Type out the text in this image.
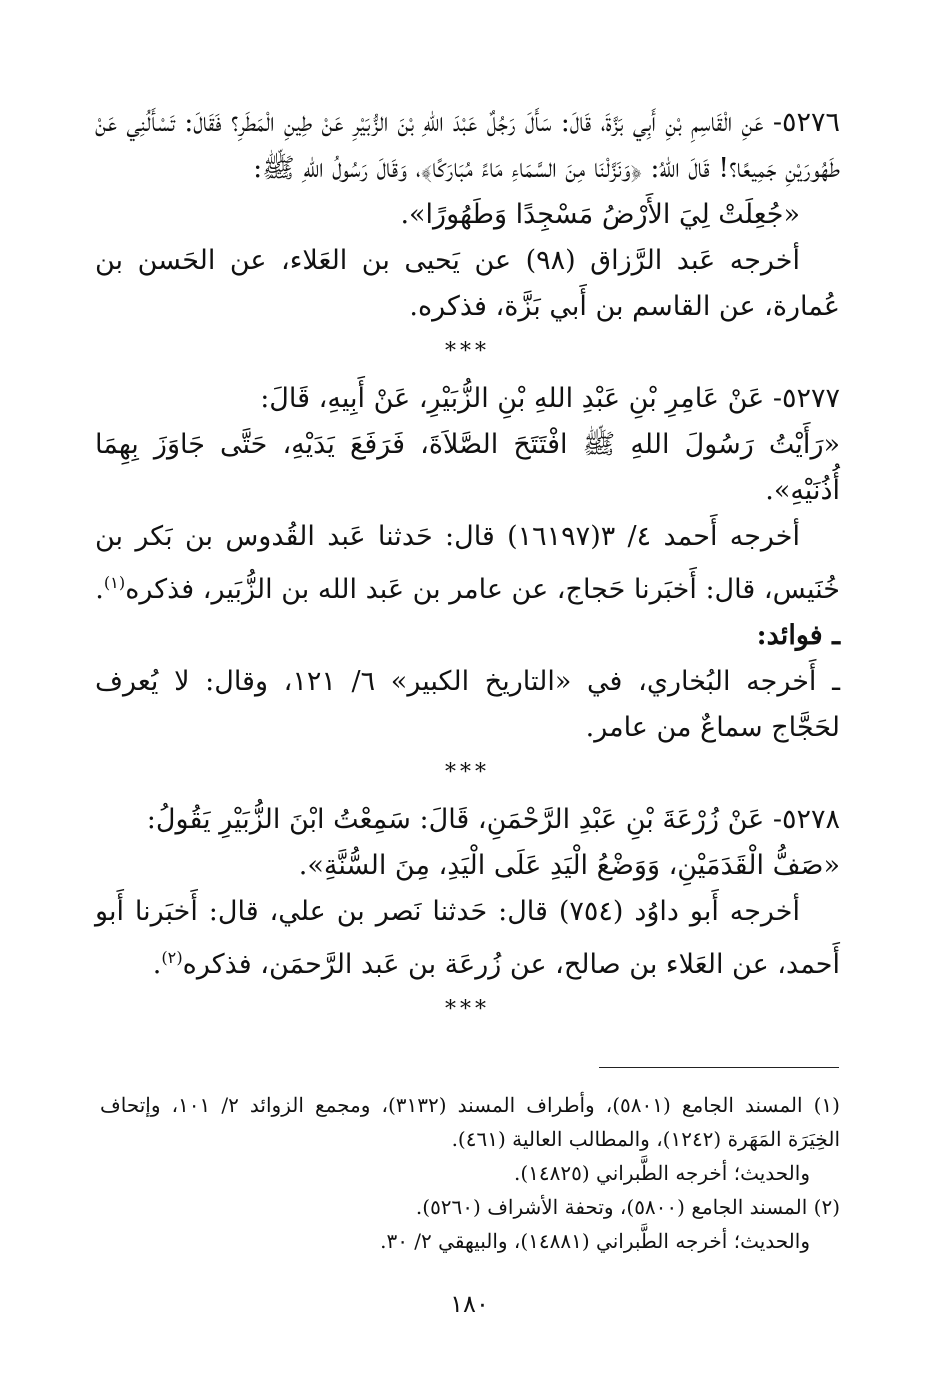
٥٢٧٦- عَنِ الْقَاسِمِ بْنِ أَبِي بَزَّةَ، قَالَ: سَأَلَ رَجُلٌ عَبْدَ اللهِ بْنَ الزُّبَيْرِ عَنْ طِينِ الْمَطَرِ؟ فَقَالَ: تَسْأَلُنِي عَنْ طَهُورَيْنِ جَمِيعًا؟! قَالَ اللهُ: ﴿وَنَزَّلْنَا مِنَ السَّمَاءِ مَاءً مُبَارَكًا﴾، وَقَالَ رَسُولُ اللهِ ﷺ:

«جُعِلَتْ لِيَ الأَرْضُ مَسْجِدًا وَطَهُورًا».

أخرجه عَبد الرَّزاق (٩٨) عن يَحيى بن العَلاء، عن الحَسن بن عُمارة، عن القاسم بن أَبي بَزَّة، فذكره.

***

٥٢٧٧- عَنْ عَامِرِ بْنِ عَبْدِ اللهِ بْنِ الزُّبَيْرِ، عَنْ أَبِيهِ، قَالَ:

«رَأَيْتُ رَسُولَ اللهِ ﷺ افْتَتَحَ الصَّلاَةَ، فَرَفَعَ يَدَيْهِ، حَتَّى جَاوَزَ بِهِمَا أُذُنَيْهِ».

أخرجه أَحمد ٤/ ٣(١٦١٩٧) قال: حَدثنا عَبد القُدوس بن بَكر بن خُنَيس، قال: أَخبَرنا حَجاج، عن عامر بن عَبد الله بن الزُّبَير، فذكره$^{(١)}$.

ـ فوائد:

ـ أَخرجه البُخاري، في «التاريخ الكبير» ٦/ ١٢١، وقال: لا يُعرف لحَجَّاج سماعٌ من عامر.

***

٥٢٧٨- عَنْ زُرْعَةَ بْنِ عَبْدِ الرَّحْمَنِ، قَالَ: سَمِعْتُ ابْنَ الزُّبَيْرِ يَقُولُ:

«صَفُّ الْقَدَمَيْنِ، وَوَضْعُ الْيَدِ عَلَى الْيَدِ، مِنَ السُّنَّةِ».

أخرجه أَبو داوُد (٧٥٤) قال: حَدثنا نَصر بن علي، قال: أَخبَرنا أَبو أَحمد، عن العَلاء بن صالح، عن زُرعَة بن عَبد الرَّحمَن، فذكره$^{(٢)}$.

***

(١) المسند الجامع (٥٨٠١)، وأطراف المسند (٣١٣٢)، ومجمع الزوائد ٢/ ١٠١، وإتحاف الخِيَرَة المَهَرة (١٢٤٢)، والمطالب العالية (٤٦١).

والحديث؛ أخرجه الطَّبراني (١٤٨٢٥).

(٢) المسند الجامع (٥٨٠٠)، وتحفة الأشراف (٥٢٦٠).

والحديث؛ أخرجه الطَّبراني (١٤٨٨١)، والبيهقي ٢/ ٣٠.

١٨٠
